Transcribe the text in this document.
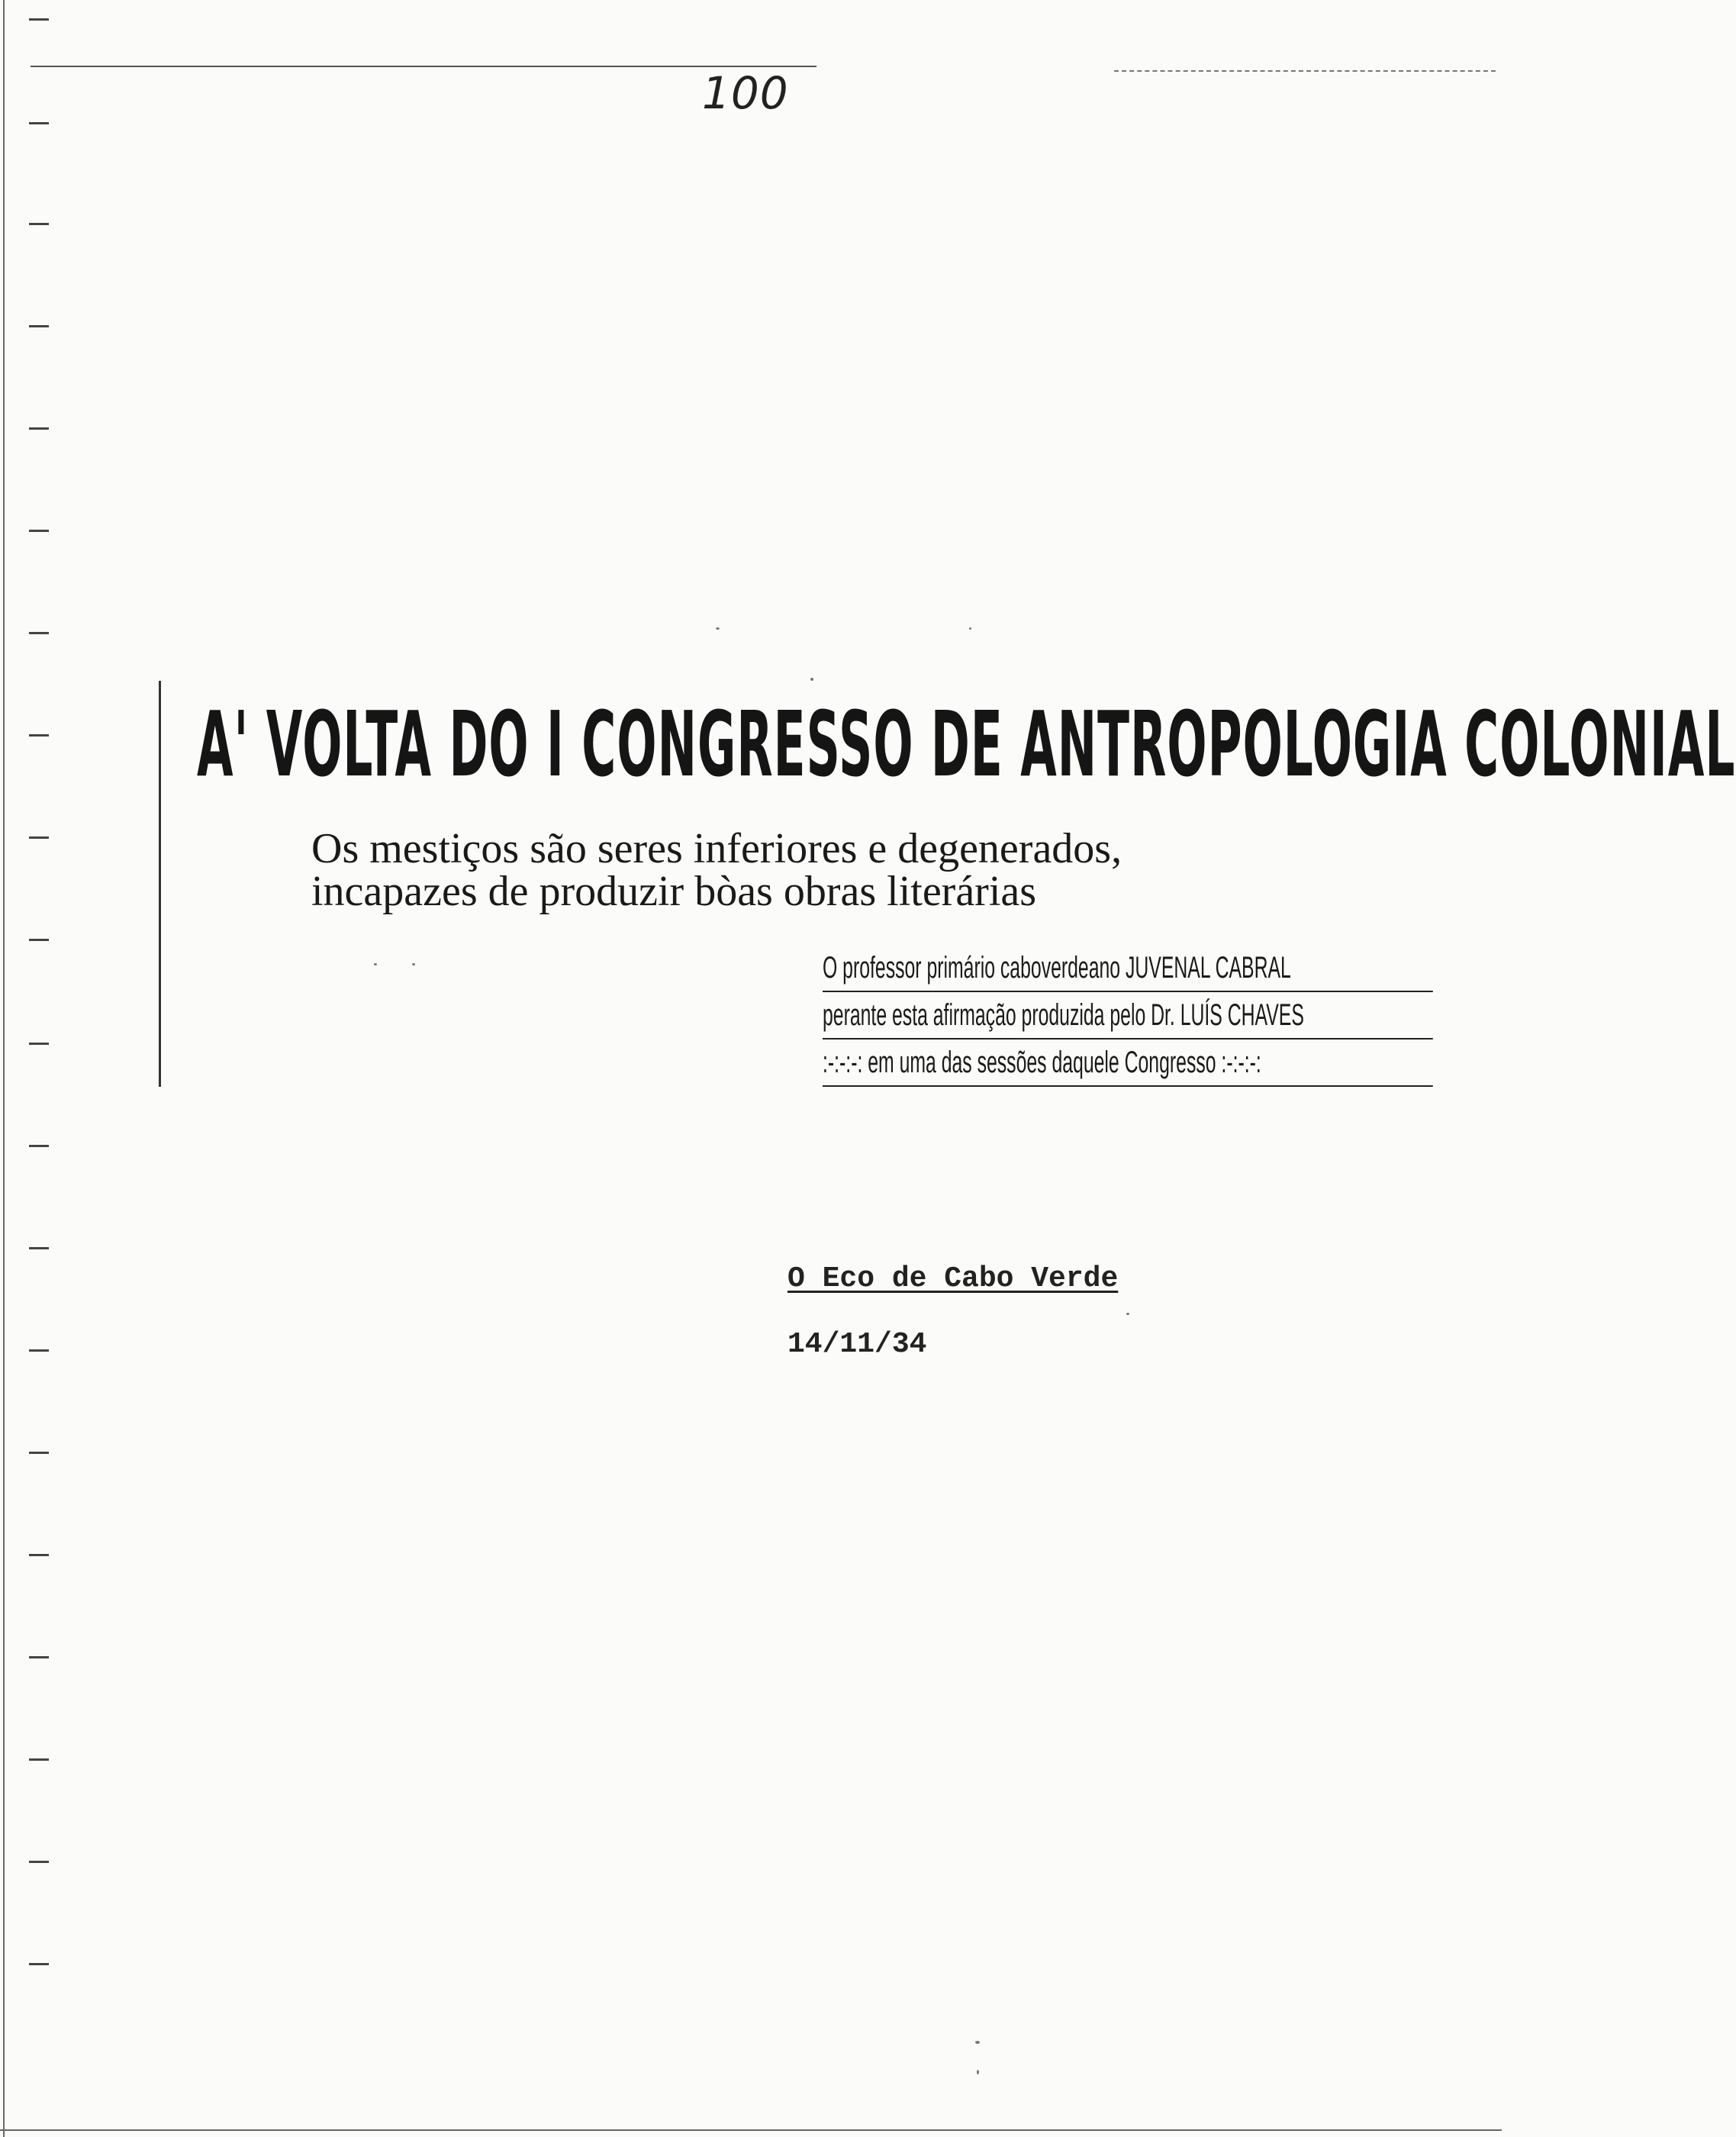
100
A' VOLTA DO I CONGRESSO DE ANTROPOLOGIA COLONIAL
Os mestiços são seres inferiores e degenerados,
incapazes de produzir bòas obras literárias
O professor primário caboverdeano JUVENAL CABRAL
perante esta afirmação produzida pelo Dr. LUÍS CHAVES
:-:-:-: em uma das sessões daquele Congresso :-:-:-:
O Eco de Cabo Verde
14/11/34
